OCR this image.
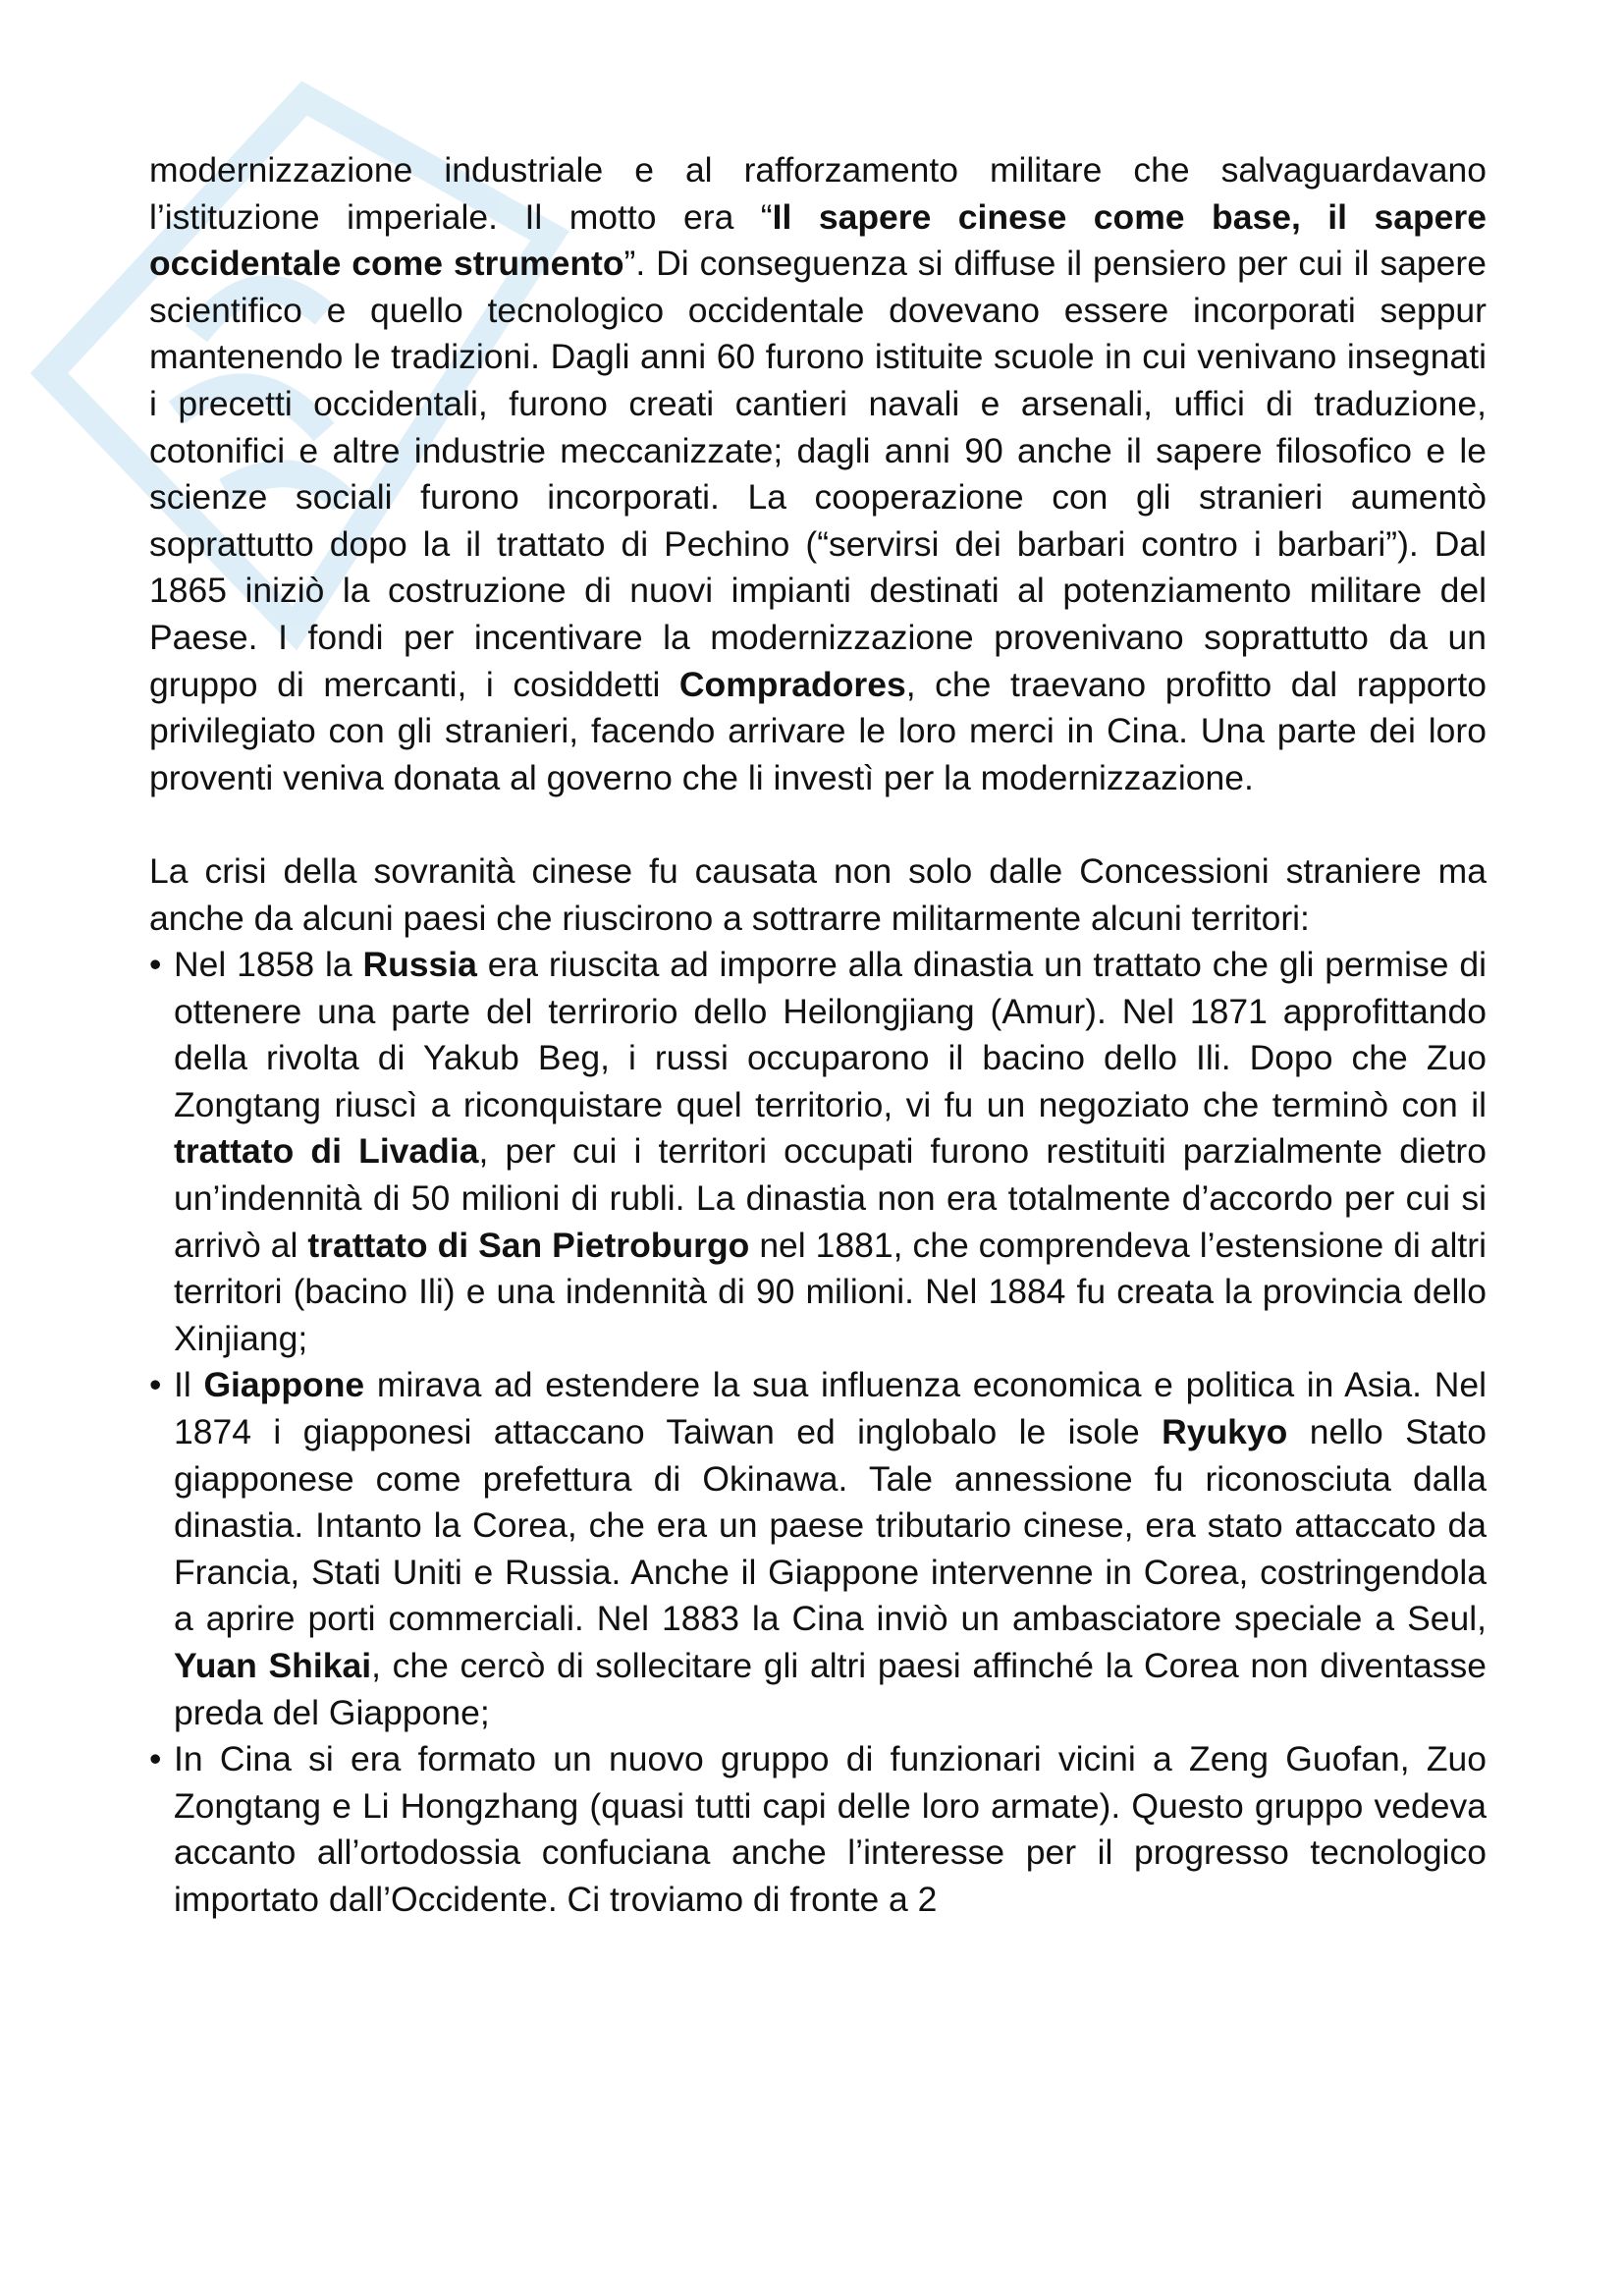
modernizzazione industriale e al rafforzamento militare che salvaguardavano l’istituzione imperiale. Il motto era “Il sapere cinese come base, il sapere occidentale come strumento”. Di conseguenza si diffuse il pensiero per cui il sapere scientifico e quello tecnologico occidentale dovevano essere incorporati seppur mantenendo le tradizioni. Dagli anni 60 furono istituite scuole in cui venivano insegnati i precetti occidentali, furono creati cantieri navali e arsenali, uffici di traduzione, cotonifici e altre industrie meccanizzate; dagli anni 90 anche il sapere filosofico e le scienze sociali furono incorporati. La cooperazione con gli stranieri aumentò soprattutto dopo la il trattato di Pechino (“servirsi dei barbari contro i barbari”). Dal 1865 iniziò la costruzione di nuovi impianti destinati al potenziamento militare del Paese. I fondi per incentivare la modernizzazione provenivano soprattutto da un gruppo di mercanti, i cosiddetti Compradores, che traevano profitto dal rapporto privilegiato con gli stranieri, facendo arrivare le loro merci in Cina. Una parte dei loro proventi veniva donata al governo che li investì per la modernizzazione.

La crisi della sovranità cinese fu causata non solo dalle Concessioni straniere ma anche da alcuni paesi che riuscirono a sottrarre militarmente alcuni territori:

• Nel 1858 la Russia era riuscita ad imporre alla dinastia un trattato che gli permise di ottenere una parte del terrirorio dello Heilongjiang (Amur). Nel 1871 approfittando della rivolta di Yakub Beg, i russi occuparono il bacino dello Ili. Dopo che Zuo Zongtang riuscì a riconquistare quel territorio, vi fu un negoziato che terminò con il trattato di Livadia, per cui i territori occupati furono restituiti parzialmente dietro un’indennità di 50 milioni di rubli. La dinastia non era totalmente d’accordo per cui si arrivò al trattato di San Pietroburgo nel 1881, che comprendeva l’estensione di altri territori (bacino Ili) e una indennità di 90 milioni. Nel 1884 fu creata la provincia dello Xinjiang;
• Il Giappone mirava ad estendere la sua influenza economica e politica in Asia. Nel 1874 i giapponesi attaccano Taiwan ed inglobalo le isole Ryukyo nello Stato giapponese come prefettura di Okinawa. Tale annessione fu riconosciuta dalla dinastia. Intanto la Corea, che era un paese tributario cinese, era stato attaccato da Francia, Stati Uniti e Russia. Anche il Giappone intervenne in Corea, costringendola a aprire porti commerciali. Nel 1883 la Cina inviò un ambasciatore speciale a Seul, Yuan Shikai, che cercò di sollecitare gli altri paesi affinché la Corea non diventasse preda del Giappone;
• In Cina si era formato un nuovo gruppo di funzionari vicini a Zeng Guofan, Zuo Zongtang e Li Hongzhang (quasi tutti capi delle loro armate). Questo gruppo vedeva accanto all’ortodossia confuciana anche l’interesse per il progresso tecnologico importato dall’Occidente. Ci troviamo di fronte a 2
